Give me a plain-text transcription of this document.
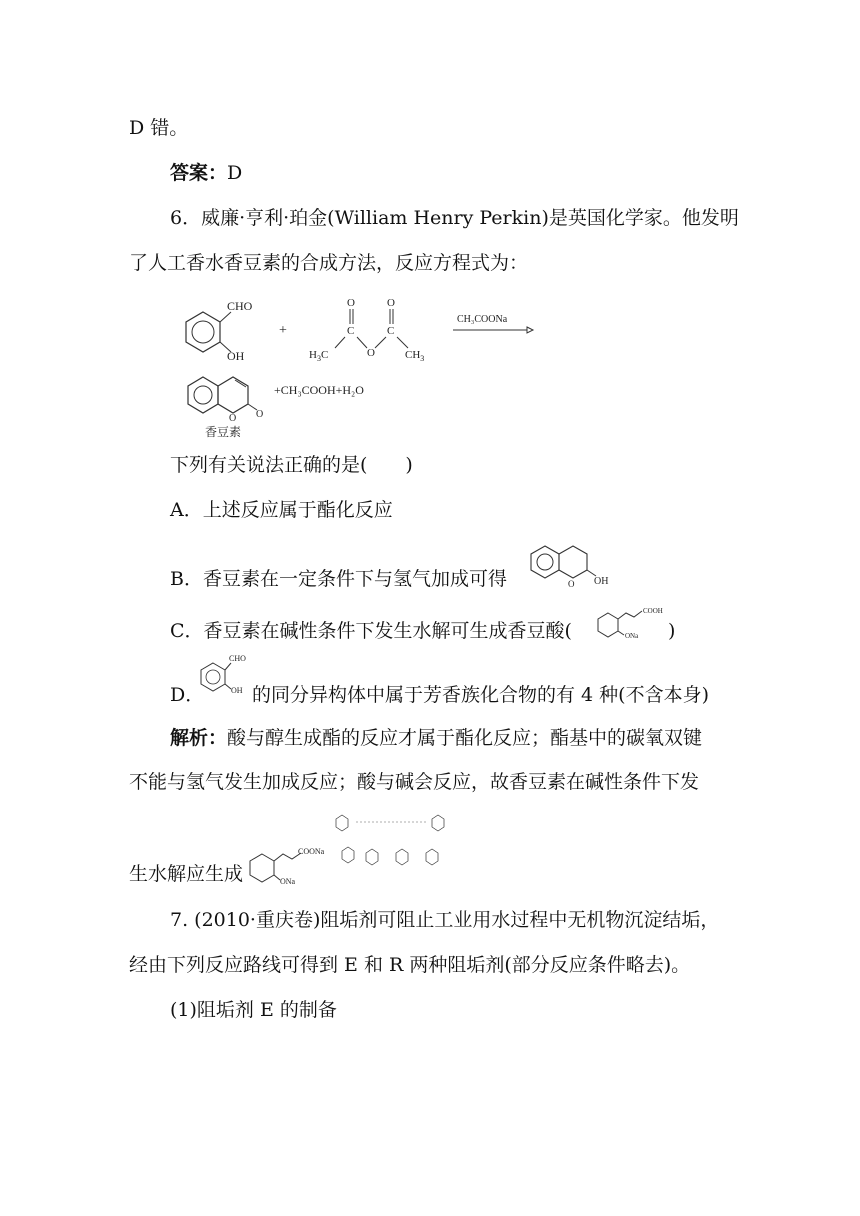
D 错。
答案：D
6．威廉·亨利·珀金(William Henry Perkin)是英国化学家。他发明
了人工香水香豆素的合成方法，反应方程式为：
CHO
OH
+
O	O
C	C
$H_3C$	O	$CH_3$
CH₃COONa
O O
香豆素
+CH₃COOH+H₂O
下列有关说法正确的是(　　)
A．上述反应属于酯化反应
B．香豆素在一定条件下与氢气加成可得	O OH
C．香豆素在碱性条件下发生水解可生成香豆酸(
COOH
ONa )
D．
CHO
OH 的同分异构体中属于芳香族化合物的有 4 种(不含本身)
解析：酸与醇生成酯的反应才属于酯化反应；酯基中的碳氧双键
不能与氢气发生加成反应；酸与碱会反应，故香豆素在碱性条件下发
生水解应生成
COONa
ONa
7. (2010·重庆卷)阻垢剂可阻止工业用水过程中无机物沉淀结垢，
经由下列反应路线可得到 E 和 R 两种阻垢剂(部分反应条件略去)。
(1)阻垢剂 E 的制备
